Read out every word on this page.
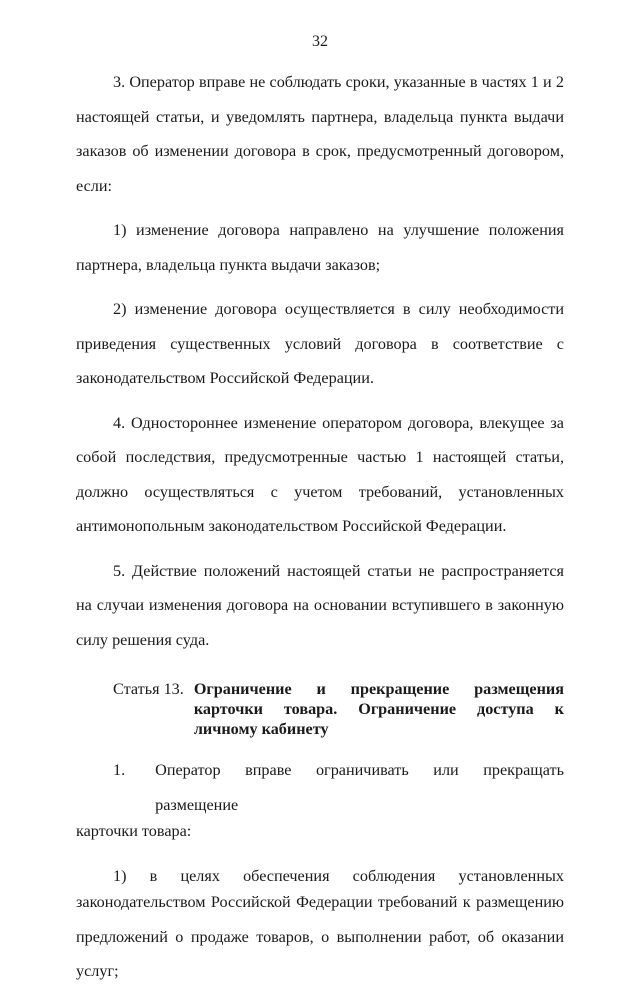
32

3. Оператор вправе не соблюдать сроки, указанные в частях 1 и 2 настоящей статьи, и уведомлять партнера, владельца пункта выдачи заказов об изменении договора в срок, предусмотренный договором, если:

1) изменение договора направлено на улучшение положения партнера, владельца пункта выдачи заказов;

2) изменение договора осуществляется в силу необходимости приведения существенных условий договора в соответствие с законодательством Российской Федерации.

4. Одностороннее изменение оператором договора, влекущее за собой последствия, предусмотренные частью 1 настоящей статьи, должно осуществляться с учетом требований, установленных антимонопольным законодательством Российской Федерации.

5. Действие положений настоящей статьи не распространяется на случаи изменения договора на основании вступившего в законную силу решения суда.

Статья 13. Ограничение и прекращение размещения карточки товара. Ограничение доступа к личному кабинету
1. Оператор вправе ограничивать или прекращать размещение

карточки товара:

1) в целях обеспечения соблюдения установленных

законодательством Российской Федерации требований к размещению предложений о продаже товаров, о выполнении работ, об оказании услуг;
